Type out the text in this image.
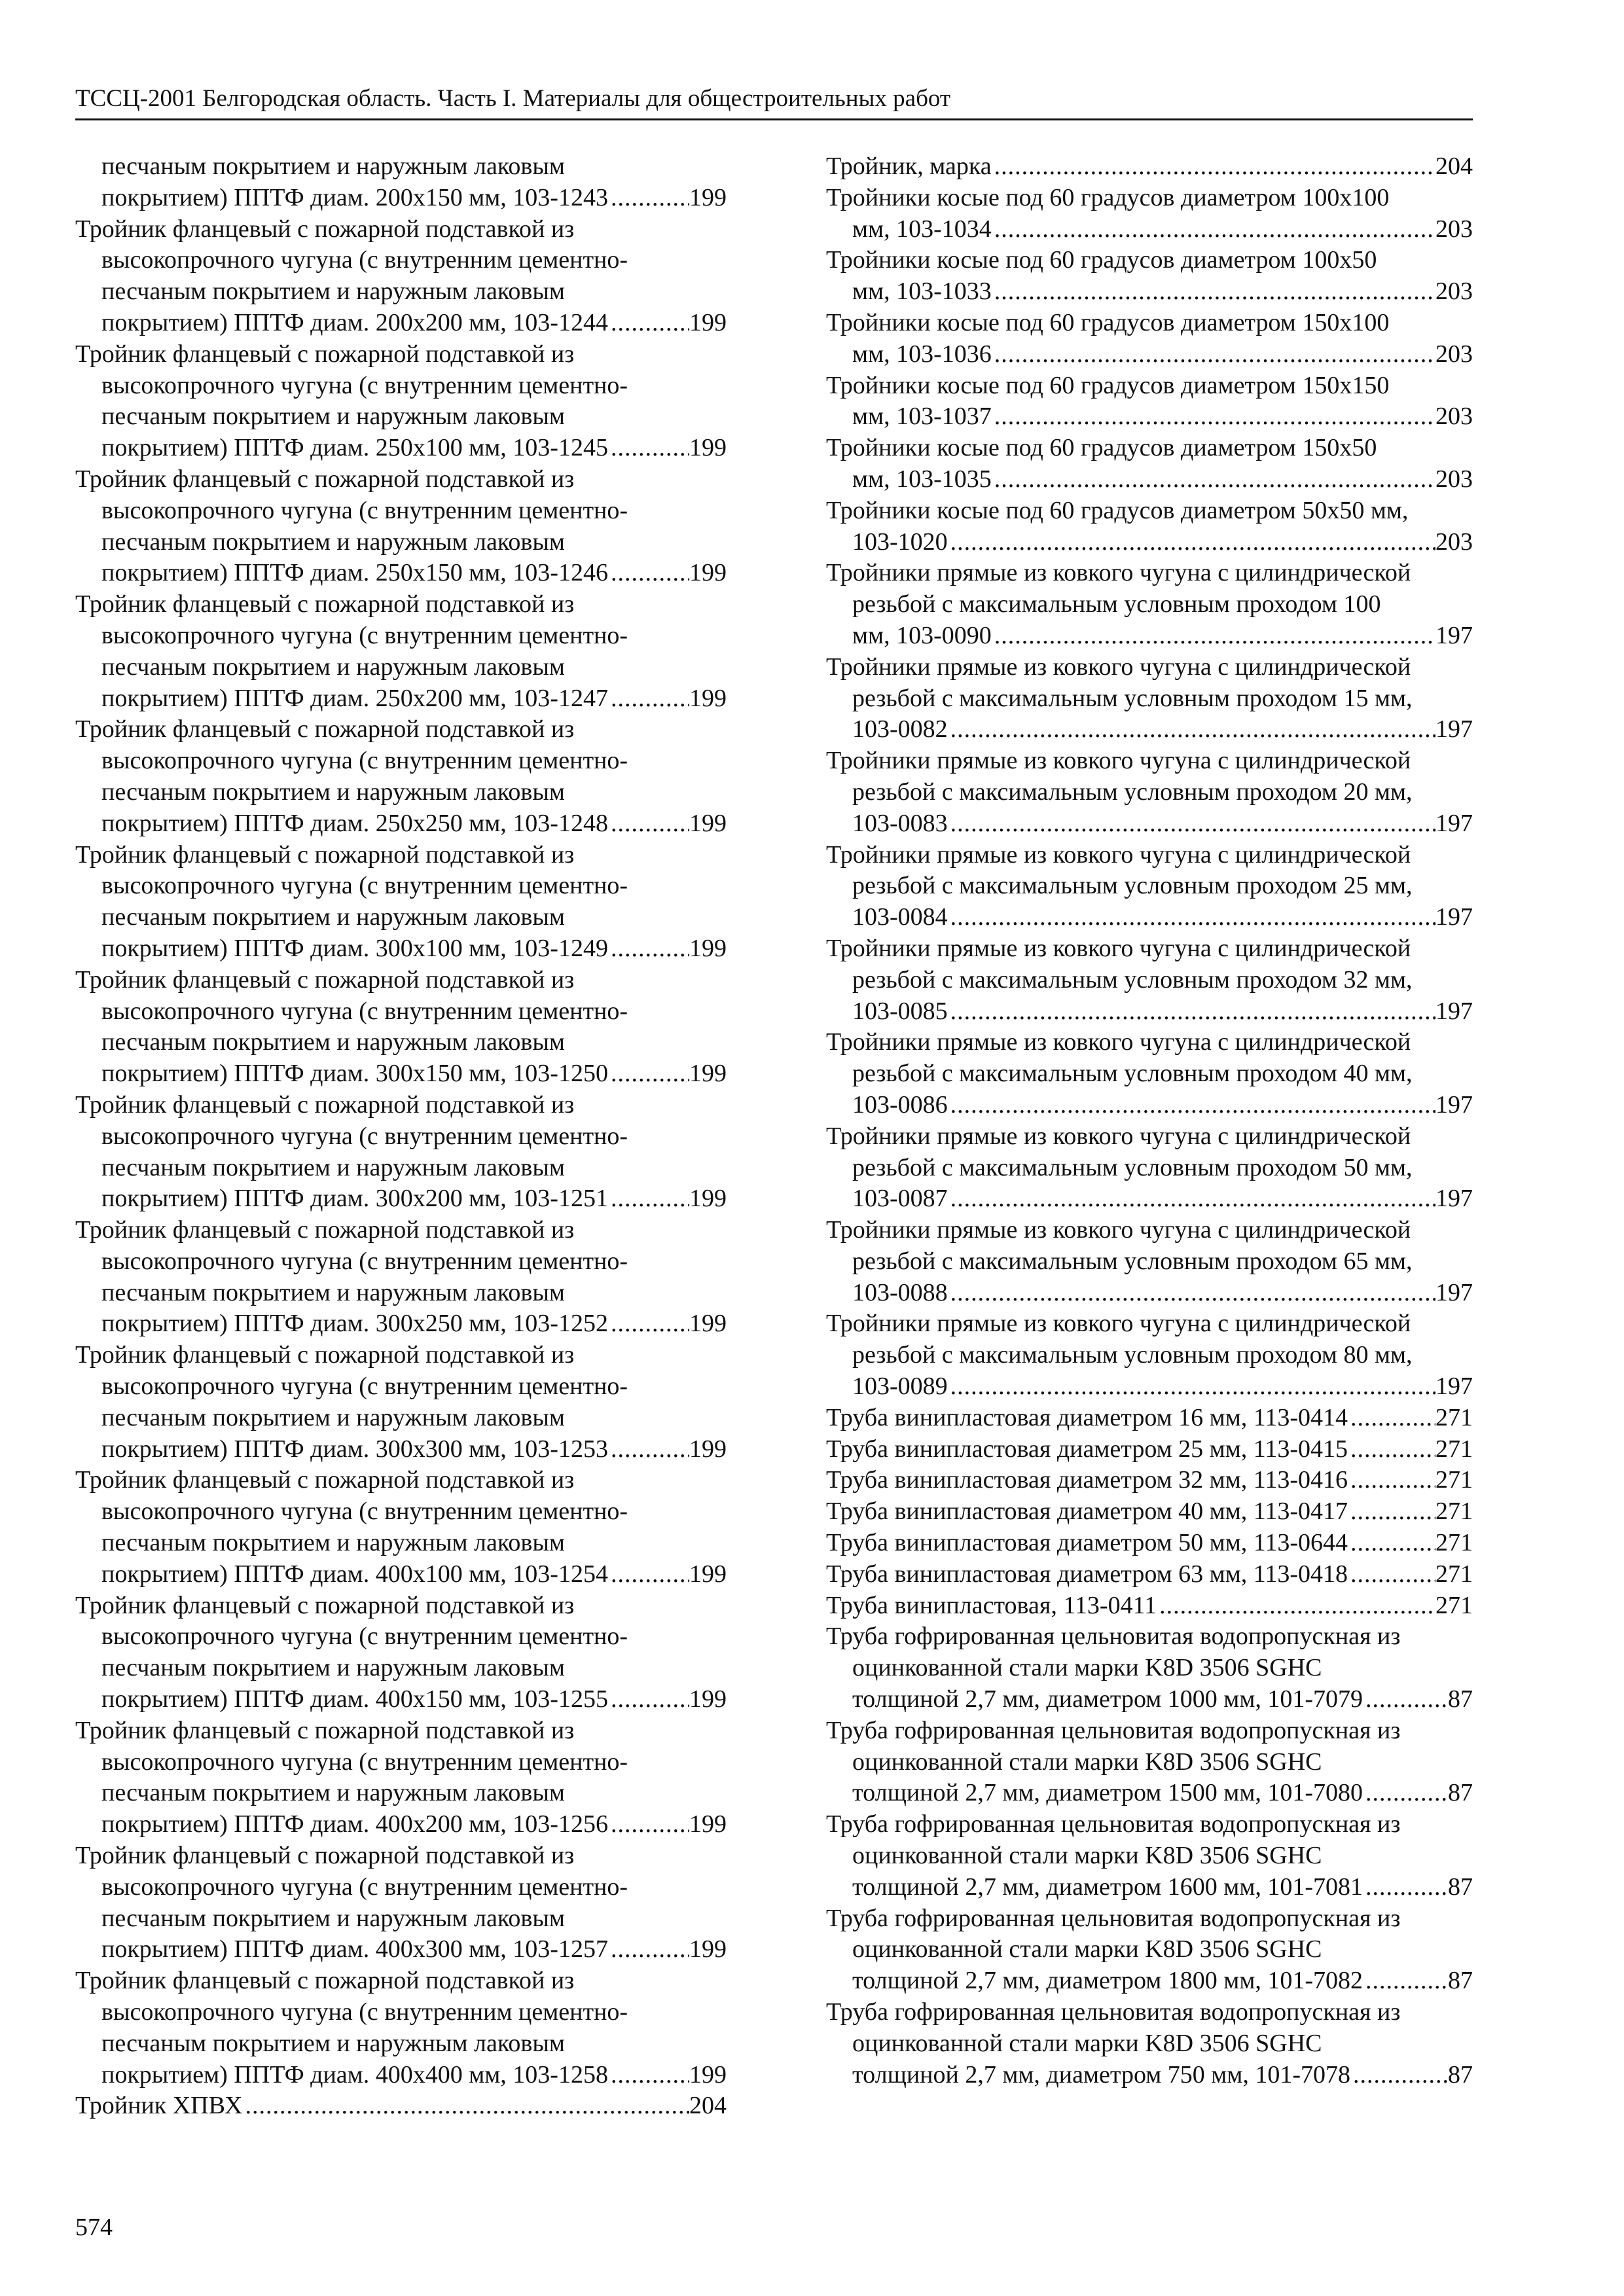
ТССЦ-2001 Белгородская область. Часть I. Материалы для общестроительных работ
песчаным покрытием и наружным лаковым
покрытием) ППТФ диам. 200x150 мм, 103-1243 .....	199
Тройник фланцевый с пожарной подставкой из
высокопрочного чугуна (с внутренним цементно-
песчаным покрытием и наружным лаковым
покрытием) ППТФ диам. 200x200 мм, 103-1244 .....	199
Тройник фланцевый с пожарной подставкой из
высокопрочного чугуна (с внутренним цементно-
песчаным покрытием и наружным лаковым
покрытием) ППТФ диам. 250x100 мм, 103-1245 .....	199
Тройник фланцевый с пожарной подставкой из
высокопрочного чугуна (с внутренним цементно-
песчаным покрытием и наружным лаковым
покрытием) ППТФ диам. 250x150 мм, 103-1246 .....	199
Тройник фланцевый с пожарной подставкой из
высокопрочного чугуна (с внутренним цементно-
песчаным покрытием и наружным лаковым
покрытием) ППТФ диам. 250x200 мм, 103-1247 .....	199
Тройник фланцевый с пожарной подставкой из
высокопрочного чугуна (с внутренним цементно-
песчаным покрытием и наружным лаковым
покрытием) ППТФ диам. 250x250 мм, 103-1248 .....	199
Тройник фланцевый с пожарной подставкой из
высокопрочного чугуна (с внутренним цементно-
песчаным покрытием и наружным лаковым
покрытием) ППТФ диам. 300x100 мм, 103-1249 .....	199
Тройник фланцевый с пожарной подставкой из
высокопрочного чугуна (с внутренним цементно-
песчаным покрытием и наружным лаковым
покрытием) ППТФ диам. 300x150 мм, 103-1250 .....	199
Тройник фланцевый с пожарной подставкой из
высокопрочного чугуна (с внутренним цементно-
песчаным покрытием и наружным лаковым
покрытием) ППТФ диам. 300x200 мм, 103-1251 .....	199
Тройник фланцевый с пожарной подставкой из
высокопрочного чугуна (с внутренним цементно-
песчаным покрытием и наружным лаковым
покрытием) ППТФ диам. 300x250 мм, 103-1252 .....	199
Тройник фланцевый с пожарной подставкой из
высокопрочного чугуна (с внутренним цементно-
песчаным покрытием и наружным лаковым
покрытием) ППТФ диам. 300x300 мм, 103-1253 .....	199
Тройник фланцевый с пожарной подставкой из
высокопрочного чугуна (с внутренним цементно-
песчаным покрытием и наружным лаковым
покрытием) ППТФ диам. 400x100 мм, 103-1254 .....	199
Тройник фланцевый с пожарной подставкой из
высокопрочного чугуна (с внутренним цементно-
песчаным покрытием и наружным лаковым
покрытием) ППТФ диам. 400x150 мм, 103-1255 .....	199
Тройник фланцевый с пожарной подставкой из
высокопрочного чугуна (с внутренним цементно-
песчаным покрытием и наружным лаковым
покрытием) ППТФ диам. 400x200 мм, 103-1256 .....	199
Тройник фланцевый с пожарной подставкой из
высокопрочного чугуна (с внутренним цементно-
песчаным покрытием и наружным лаковым
покрытием) ППТФ диам. 400x300 мм, 103-1257 .....	199
Тройник фланцевый с пожарной подставкой из
высокопрочного чугуна (с внутренним цементно-
песчаным покрытием и наружным лаковым
покрытием) ППТФ диам. 400x400 мм, 103-1258 .....	199
Тройник ХПВХ .....	204
Тройник, марка .....	204
Тройники косые под 60 градусов диаметром 100x100
мм, 103-1034 .....	203
Тройники косые под 60 градусов диаметром 100x50
мм, 103-1033 .....	203
Тройники косые под 60 градусов диаметром 150x100
мм, 103-1036 .....	203
Тройники косые под 60 градусов диаметром 150x150
мм, 103-1037 .....	203
Тройники косые под 60 градусов диаметром 150x50
мм, 103-1035 .....	203
Тройники косые под 60 градусов диаметром 50x50 мм,
103-1020 .....	203
Тройники прямые из ковкого чугуна с цилиндрической
резьбой с максимальным условным проходом 100
мм, 103-0090 .....	197
Тройники прямые из ковкого чугуна с цилиндрической
резьбой с максимальным условным проходом 15 мм,
103-0082 .....	197
Тройники прямые из ковкого чугуна с цилиндрической
резьбой с максимальным условным проходом 20 мм,
103-0083 .....	197
Тройники прямые из ковкого чугуна с цилиндрической
резьбой с максимальным условным проходом 25 мм,
103-0084 .....	197
Тройники прямые из ковкого чугуна с цилиндрической
резьбой с максимальным условным проходом 32 мм,
103-0085 .....	197
Тройники прямые из ковкого чугуна с цилиндрической
резьбой с максимальным условным проходом 40 мм,
103-0086 .....	197
Тройники прямые из ковкого чугуна с цилиндрической
резьбой с максимальным условным проходом 50 мм,
103-0087 .....	197
Тройники прямые из ковкого чугуна с цилиндрической
резьбой с максимальным условным проходом 65 мм,
103-0088 .....	197
Тройники прямые из ковкого чугуна с цилиндрической
резьбой с максимальным условным проходом 80 мм,
103-0089 .....	197
Труба винипластовая диаметром 16 мм, 113-0414 .....	271
Труба винипластовая диаметром 25 мм, 113-0415 .....	271
Труба винипластовая диаметром 32 мм, 113-0416 .....	271
Труба винипластовая диаметром 40 мм, 113-0417 .....	271
Труба винипластовая диаметром 50 мм, 113-0644 .....	271
Труба винипластовая диаметром 63 мм, 113-0418 .....	271
Труба винипластовая, 113-0411 .....	271
Труба гофрированная цельновитая водопропускная из
оцинкованной стали марки K8D 3506 SGHC
толщиной 2,7 мм, диаметром 1000 мм, 101-7079 .....	87
Труба гофрированная цельновитая водопропускная из
оцинкованной стали марки K8D 3506 SGHC
толщиной 2,7 мм, диаметром 1500 мм, 101-7080 .....	87
Труба гофрированная цельновитая водопропускная из
оцинкованной стали марки K8D 3506 SGHC
толщиной 2,7 мм, диаметром 1600 мм, 101-7081 .....	87
Труба гофрированная цельновитая водопропускная из
оцинкованной стали марки K8D 3506 SGHC
толщиной 2,7 мм, диаметром 1800 мм, 101-7082 .....	87
Труба гофрированная цельновитая водопропускная из
оцинкованной стали марки K8D 3506 SGHC
толщиной 2,7 мм, диаметром 750 мм, 101-7078 .....	87
574
